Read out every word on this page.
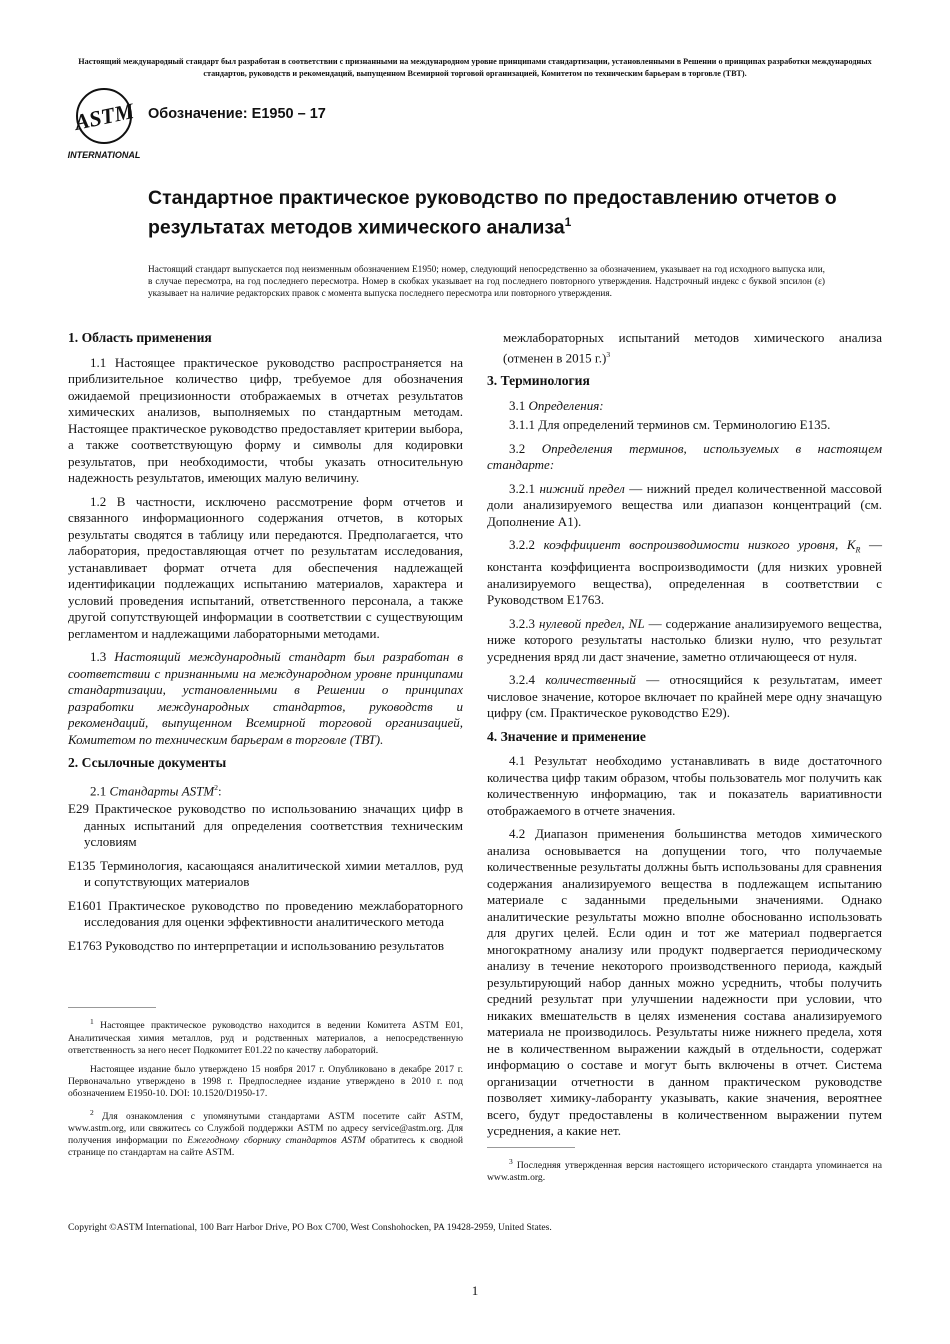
Настоящий международный стандарт был разработан в соответствии с признанными на международном уровне принципами стандартизации, установленными в Решении о принципах разработки международных стандартов, руководств и рекомендаций, выпущенном Всемирной торговой организацией, Комитетом по техническим барьерам в торговле (ТВТ).
ASTM
INTERNATIONAL
Обозначение: E1950 – 17
Стандартное практическое руководство по предоставлению отчетов о результатах методов химического анализа$^1$
Настоящий стандарт выпускается под неизменным обозначением E1950; номер, следующий непосредственно за обозначением, указывает на год исходного выпуска или, в случае пересмотра, на год последнего пересмотра. Номер в скобках указывает на год последнего повторного утверждения. Надстрочный индекс с буквой эпсилон (ε) указывает на наличие редакторских правок с момента выпуска последнего пересмотра или повторного утверждения.
1. Область применения

1.1 Настоящее практическое руководство распространяется на приблизительное количество цифр, требуемое для обозначения ожидаемой прецизионности отображаемых в отчетах результатов химических анализов, выполняемых по стандартным методам. Настоящее практическое руководство предоставляет критерии выбора, а также соответствующую форму и символы для кодировки результатов, при необходимости, чтобы указать относительную надежность результатов, имеющих малую величину.

1.2 В частности, исключено рассмотрение форм отчетов и связанного информационного содержания отчетов, в которых результаты сводятся в таблицу или передаются. Предполагается, что лаборатория, предоставляющая отчет по результатам исследования, устанавливает формат отчета для обеспечения надлежащей идентификации подлежащих испытанию материалов, характера и условий проведения испытаний, ответственного персонала, а также другой сопутствующей информации в соответствии с существующим регламентом и надлежащими лабораторными методами.

1.3 Настоящий международный стандарт был разработан в соответствии с признанными на международном уровне принципами стандартизации, установленными в Решении о принципах разработки международных стандартов, руководств и рекомендаций, выпущенном Всемирной торговой организацией, Комитетом по техническим барьерам в торговле (ТВТ).

2. Ссылочные документы

2.1 Стандарты ASTM$^2$:

E29 Практическое руководство по использованию значащих цифр в данных испытаний для определения соответствия техническим условиям

E135 Терминология, касающаяся аналитической химии металлов, руд и сопутствующих материалов

E1601 Практическое руководство по проведению межлабораторного исследования для оценки эффективности аналитического метода

E1763 Руководство по интерпретации и использованию результатов

$^1$ Настоящее практическое руководство находится в ведении Комитета ASTM E01, Аналитическая химия металлов, руд и родственных материалов, а непосредственную ответственность за него несет Подкомитет E01.22 по качеству лабораторий.

Настоящее издание было утверждено 15 ноября 2017 г. Опубликовано в декабре 2017 г. Первоначально утверждено в 1998 г. Предпоследнее издание утверждено в 2010 г. под обозначением E1950-10. DOI: 10.1520/D1950-17.

$^2$ Для ознакомления с упомянутыми стандартами ASTM посетите сайт ASTM, www.astm.org, или свяжитесь со Службой поддержки ASTM по адресу service@astm.org. Для получения информации по Ежегодному сборнику стандартов ASTM обратитесь к сводной странице по стандартам на сайте ASTM.

межлабораторных испытаний методов химического анализа (отменен в 2015 г.)$^3$

3. Терминология

3.1 Определения:

3.1.1 Для определений терминов см. Терминологию E135.

3.2 Определения терминов, используемых в настоящем стандарте:

3.2.1 нижний предел — нижний предел количественной массовой доли анализируемого вещества или диапазон концентраций (см. Дополнение A1).

3.2.2 коэффициент воспроизводимости низкого уровня, $K_R$ — константа коэффициента воспроизводимости (для низких уровней анализируемого вещества), определенная в соответствии с Руководством E1763.

3.2.3 нулевой предел, NL — содержание анализируемого вещества, ниже которого результаты настолько близки нулю, что результат усреднения вряд ли даст значение, заметно отличающееся от нуля.

3.2.4 количественный — относящийся к результатам, имеет числовое значение, которое включает по крайней мере одну значащую цифру (см. Практическое руководство E29).

4. Значение и применение

4.1 Результат необходимо устанавливать в виде достаточного количества цифр таким образом, чтобы пользователь мог получить как количественную информацию, так и показатель вариативности отображаемого в отчете значения.

4.2 Диапазон применения большинства методов химического анализа основывается на допущении того, что получаемые количественные результаты должны быть использованы для сравнения содержания анализируемого вещества в подлежащем испытанию материале с заданными предельными значениями. Однако аналитические результаты можно вполне обоснованно использовать для других целей. Если один и тот же материал подвергается многократному анализу или продукт подвергается периодическому анализу в течение некоторого производственного периода, каждый результирующий набор данных можно усреднить, чтобы получить средний результат при улучшении надежности при условии, что никаких вмешательств в целях изменения состава анализируемого материала не производилось. Результаты ниже нижнего предела, хотя не в количественном выражении каждый в отдельности, содержат информацию о составе и могут быть включены в отчет. Система организации отчетности в данном практическом руководстве позволяет химику-лаборанту указывать, какие значения, вероятнее всего, будут предоставлены в количественном выражении путем усреднения, а какие нет.

$^3$ Последняя утвержденная версия настоящего исторического стандарта упоминается на www.astm.org.

Copyright ©ASTM International, 100 Barr Harbor Drive, PO Box C700, West Conshohocken, PA 19428-2959, United States.
1
